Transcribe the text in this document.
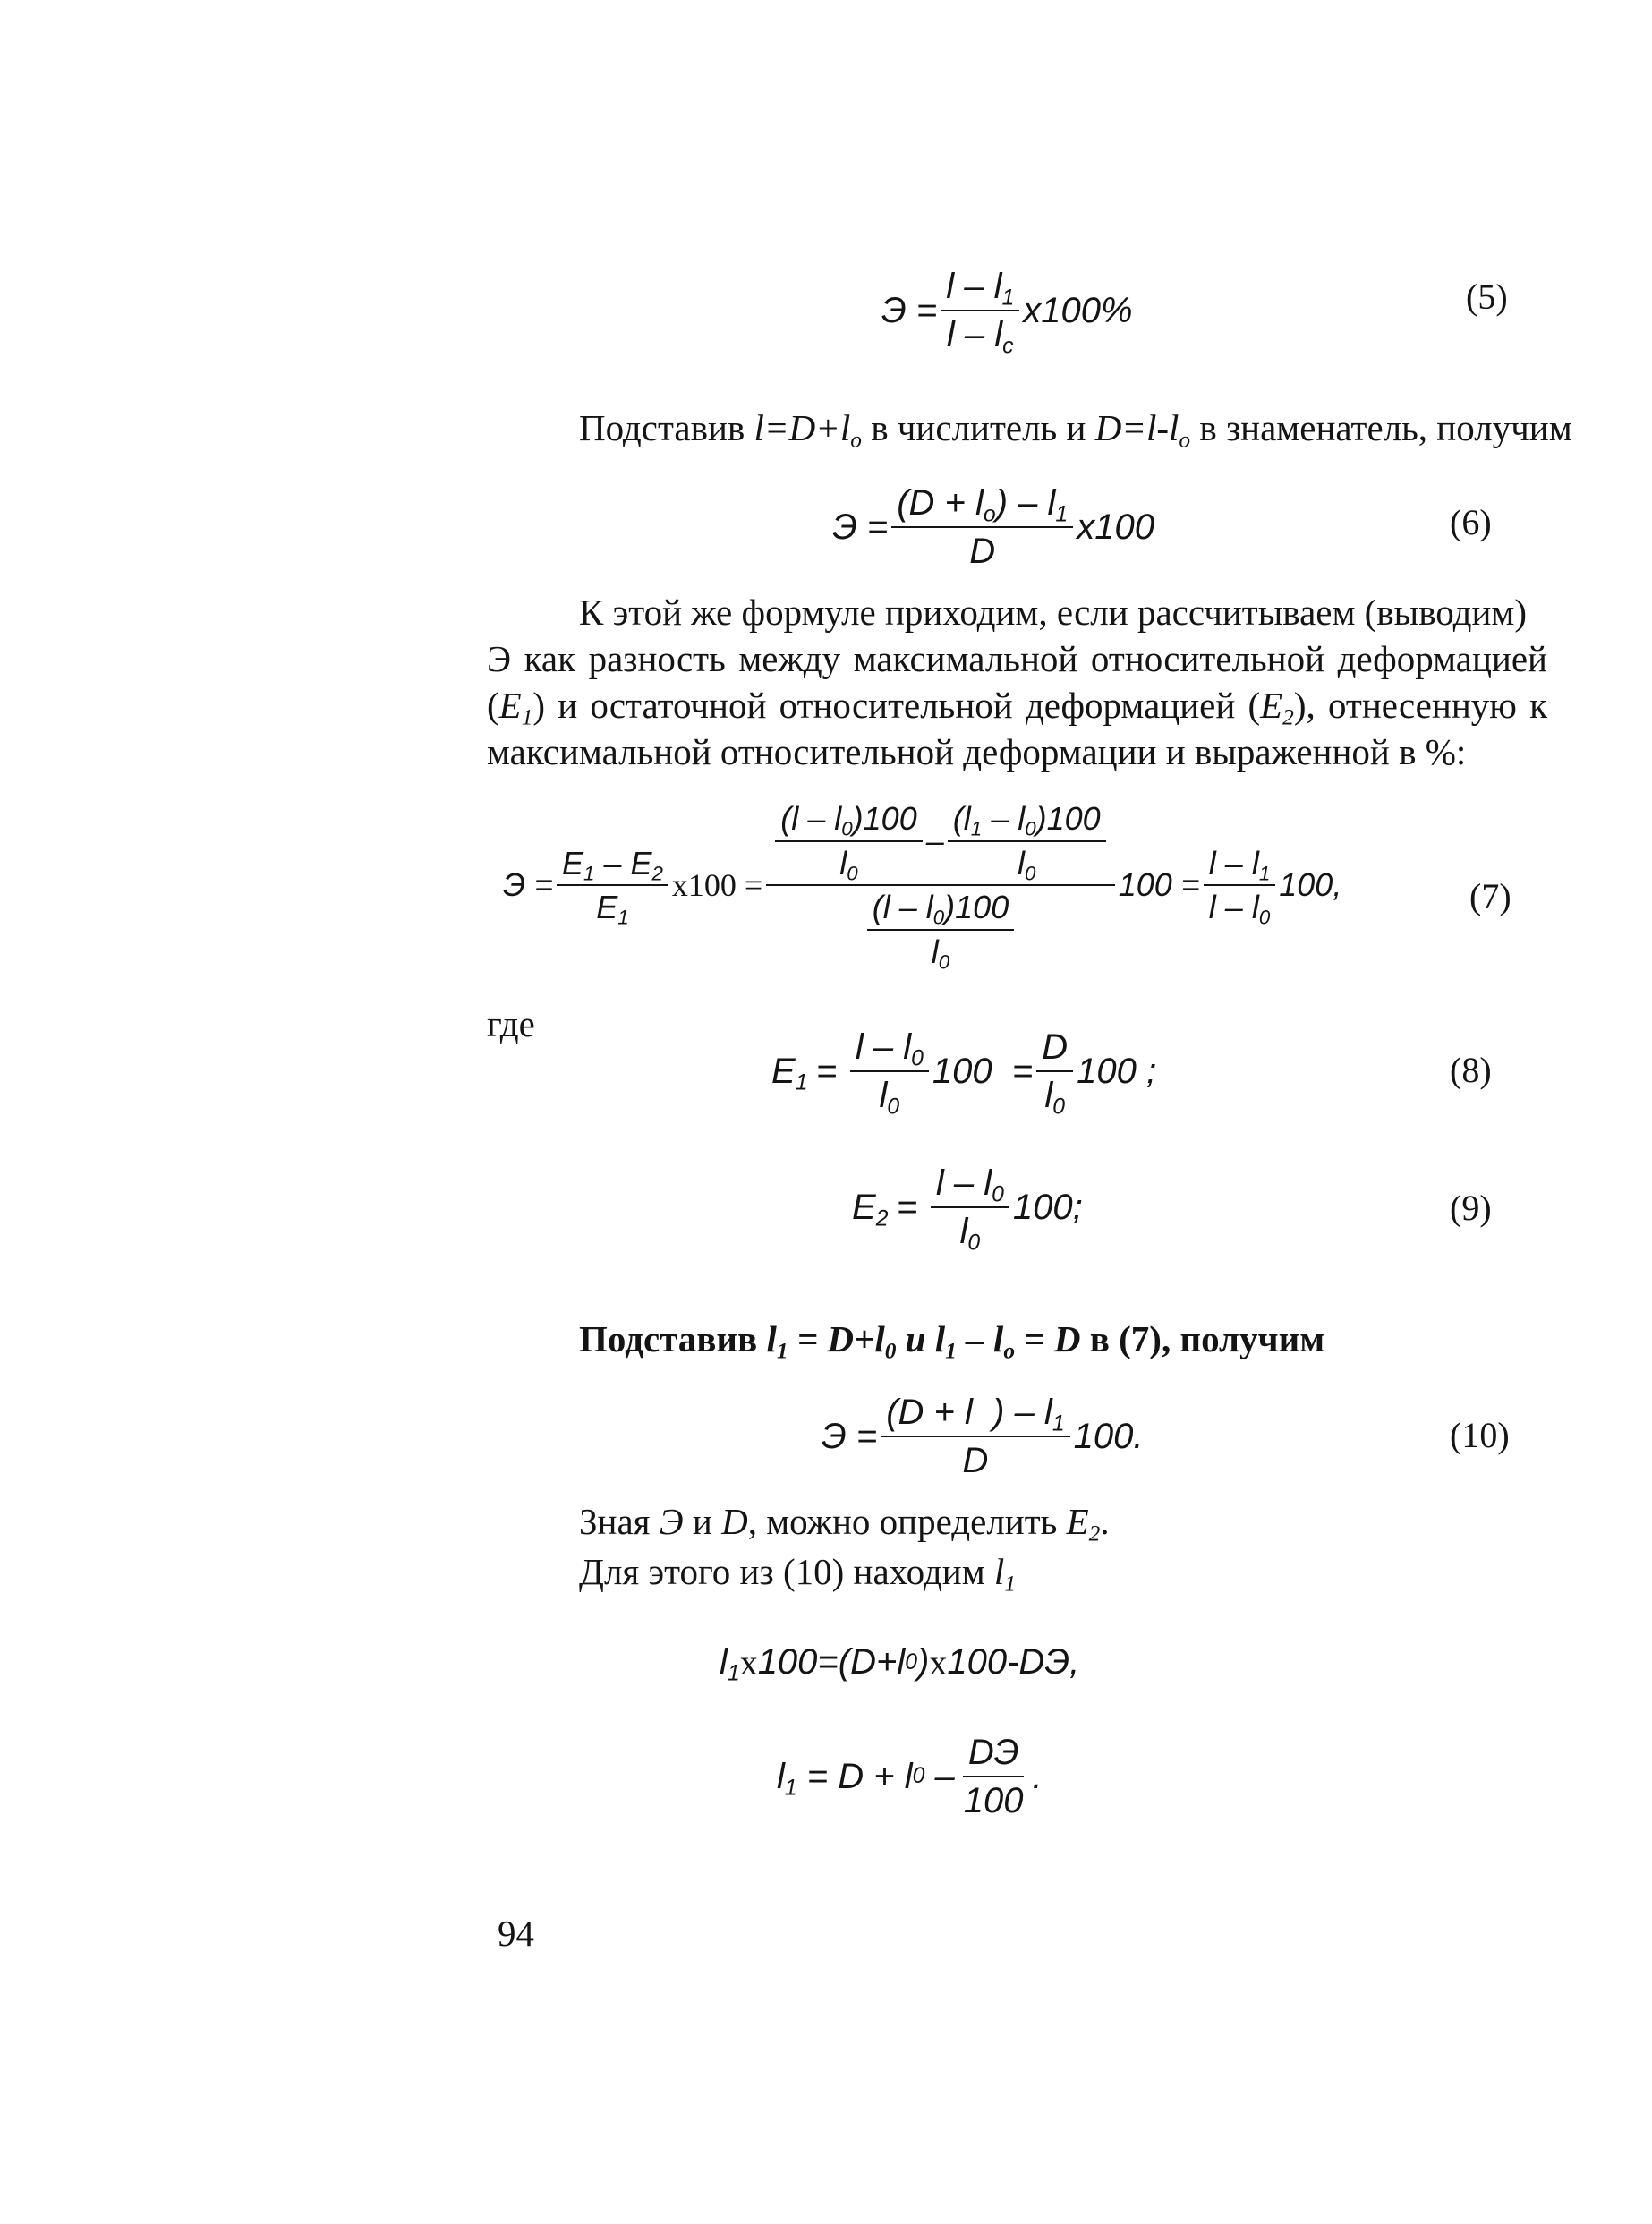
$Э = \frac{l - l_1}{l - l_с} x100\%$	(5)
Подставив $l=D+l_o$ в числитель и $D=l-l_o$ в знаменатель, получим
$Э = \frac{(D + l_o) - l_1}{D} x100$	(6)
К этой же формуле приходим, если рассчитываем (выводим)
Э как разность между максимальной относительной деформацией
$(E_1)$ и остаточной относительной деформацией $(E_2)$, отнесенную к
максимальной относительной деформации и выраженной в %:
$Э = \frac{E_1 - E_2}{E_1} x100$ =
$\frac{(l - l_0)100}{l_0} - \frac{(l_1 - l_0)100}{l_0}$
$\frac{(l - l_0)100}{l_0}$
$100 = \frac{l - l_1}{l - l_0} 100$,	(7)
где
$E_1 = \frac{l - l_0}{l_0} 100 = \frac{D}{l_0} 100$ ;	(8)
$E_2 = \frac{l - l_0}{l_0} 100$;	(9)
Подставив $l_1 = D+l_0$ u $l_1 - l_o = D$ в (7), получим
$Э = \frac{(D + l ) - l_1}{D} 100$.	(10)
Зная Э и D, можно определить $E_2$.
Для этого из (10) находим $l_1$
$l_1$ x 100=(D+l 0 ) x 100-DЭ,
$l_1 = D + l$ $0 - \frac{DЭ}{100}$ .
94
